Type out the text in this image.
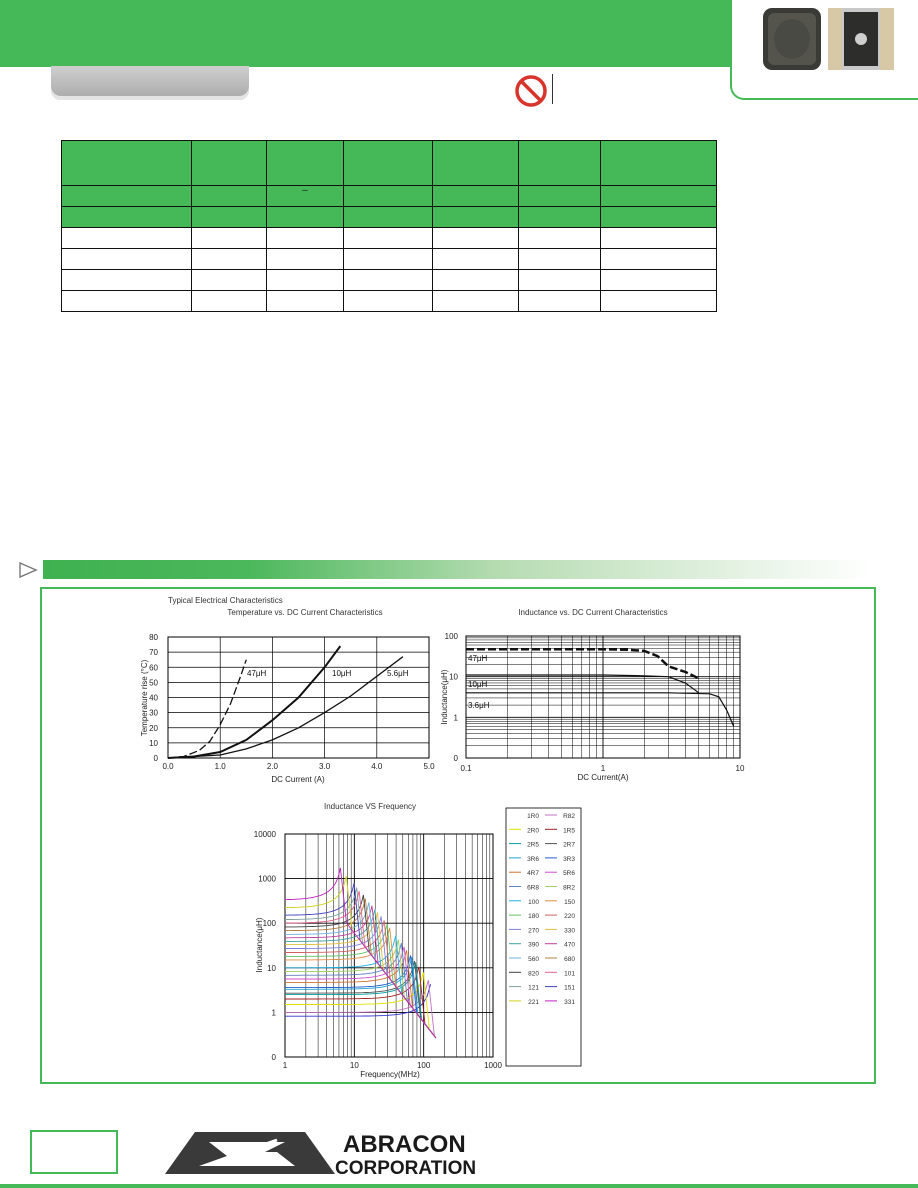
		–				

Typical Electrical Characteristics
Temperature vs. DC Current Characteristics
0.0	1.0	2.0	3.0	4.0	5.0
0
10
20
30
40
50
60
70
80
DC Current (A)
Temperature rise (°C)	47μH	10μH	5.6μH
Inductance vs. DC Current Characteristics
0.1	1	10
0
1
10
100
DC Current(A)
Inductance(μH)
47μH
10μH
3.6μH
Inductance VS Frequency
1	10	100	1000
0
1
10
100
1000
10000
Frequency(MHz)
Inductance(μH)
1R0	R82
2R0	1R5
2R5	2R7
3R6	3R3
4R7	5R6
6R8	8R2
100	150
180	220
270	330
390	470
560	680
820	101
121	151
221	331
ABRACON
CORPORATION
